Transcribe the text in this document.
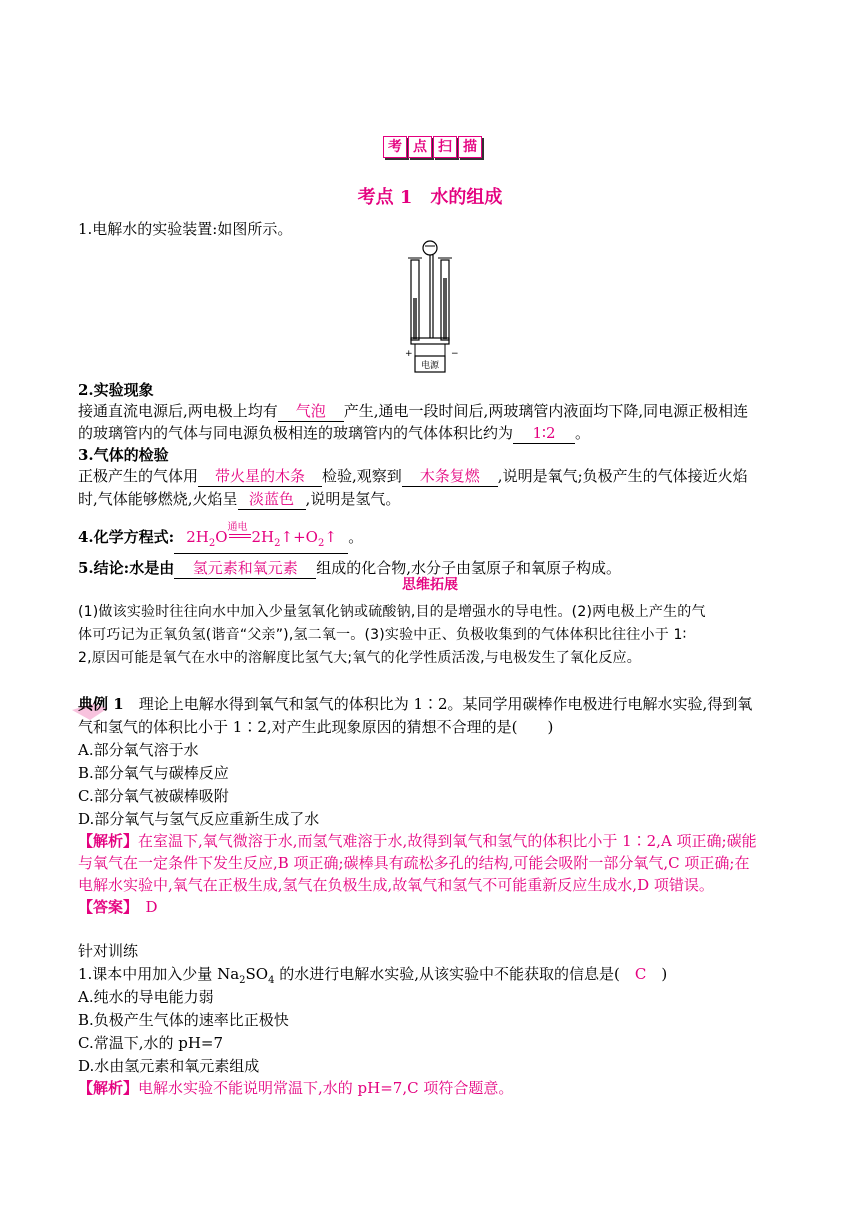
考 点 扫 描
考点 1　水的组成
1.电解水的实验装置:如图所示。
电源
+	−
2.实验现象
接通直流电源后,两电极上均有 气泡 产生,通电一段时间后,两玻璃管内液面均下降,同电源正极相连
的玻璃管内的气体与同电源负极相连的玻璃管内的气体体积比约为 1∶2 。
3.气体的检验
正极产生的气体用 带火星的木条 检验,观察到 木条复燃 ,说明是氧气;负极产生的气体接近火焰
时,气体能够燃烧,火焰呈 淡蓝色 ,说明是氢气。
4.化学方程式: $2H_2O$
通电
$2H_2↑+O_2↑$ 。
5.结论:水是由 氢元素和氧元素 组成的化合物,水分子由氢原子和氧原子构成。
思维拓展
(1)做该实验时往往向水中加入少量氢氧化钠或硫酸钠,目的是增强水的导电性。(2)两电极上产生的气
体可巧记为正氧负氢(谐音“父亲”),氢二氧一。(3)实验中正、负极收集到的气体体积比往往小于 1∶
2,原因可能是氧气在水中的溶解度比氢气大;氧气的化学性质活泼,与电极发生了氧化反应。
典例 1　 理论上电解水得到氧气和氢气的体积比为 1∶2。某同学用碳棒作电极进行电解水实验,得到氧
气和氢气的体积比小于 1∶2,对产生此现象原因的猜想不合理的是(　　)
A.部分氧气溶于水
B.部分氧气与碳棒反应
C.部分氧气被碳棒吸附
D.部分氧气与氢气反应重新生成了水
【解析】在室温下,氧气微溶于水,而氢气难溶于水,故得到氧气和氢气的体积比小于 1∶2,A 项正确;碳能
与氧气在一定条件下发生反应,B 项正确;碳棒具有疏松多孔的结构,可能会吸附一部分氧气,C 项正确;在
电解水实验中,氧气在正极生成,氢气在负极生成,故氧气和氢气不可能重新反应生成水,D 项错误。
【答案】　 D
针对训练
1.课本中用加入少量 $Na_2SO_4$ 的水进行电解水实验,从该实验中不能获取的信息是(　C　)
A.纯水的导电能力弱
B.负极产生气体的速率比正极快
C.常温下,水的 pH=7
D.水由氢元素和氧元素组成
【解析】电解水实验不能说明常温下,水的 pH=7,C 项符合题意。
